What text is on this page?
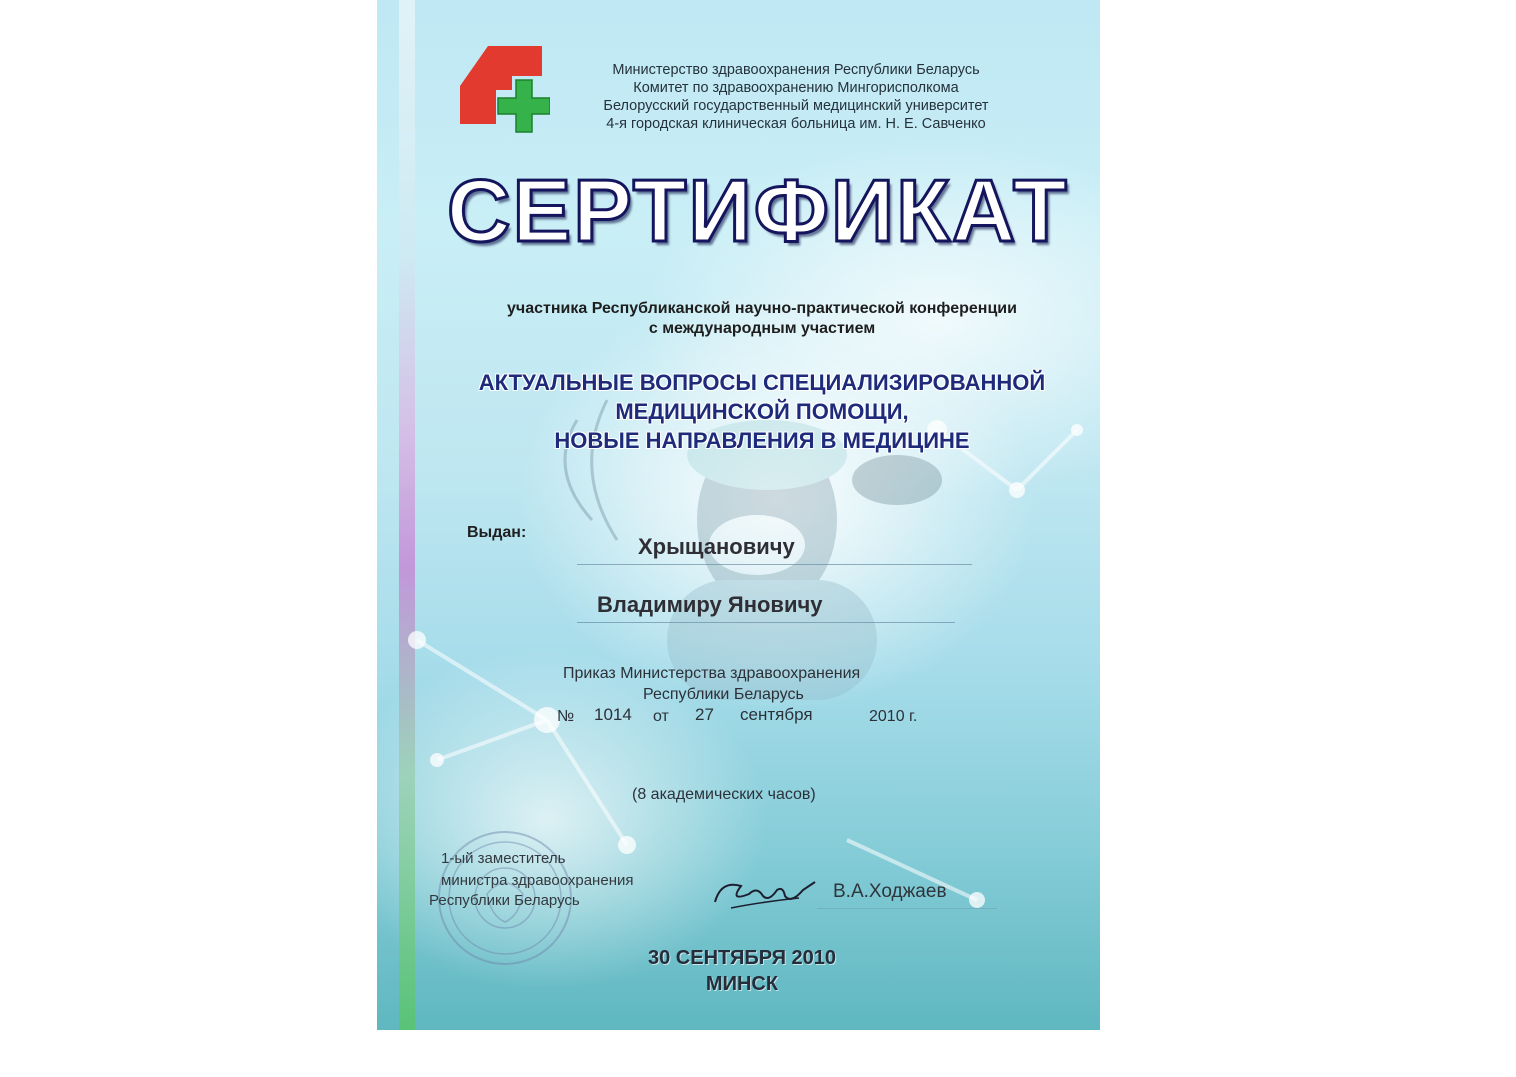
Министерство здравоохранения Республики Беларусь
Комитет по здравоохранению Мингорисполкома
Белорусский государственный медицинский университет
4-я городская клиническая больница им. Н. Е. Савченко
СЕРТИФИКАТ
участника Республиканской научно-практической конференции
с международным участием
АКТУАЛЬНЫЕ ВОПРОСЫ СПЕЦИАЛИЗИРОВАННОЙ
МЕДИЦИНСКОЙ ПОМОЩИ,
НОВЫЕ НАПРАВЛЕНИЯ В МЕДИЦИНЕ
Выдан:
Хрыщановичу
Владимиру Яновичу
Приказ Министерства здравоохранения
Республики Беларусь
№ 1014 от 27 сентября	2010 г.
(8 академических часов)
1-ый заместитель
министра здравоохранения
Республики Беларусь	В.А.Ходжаев
30 СЕНТЯБРЯ 2010
МИНСК
